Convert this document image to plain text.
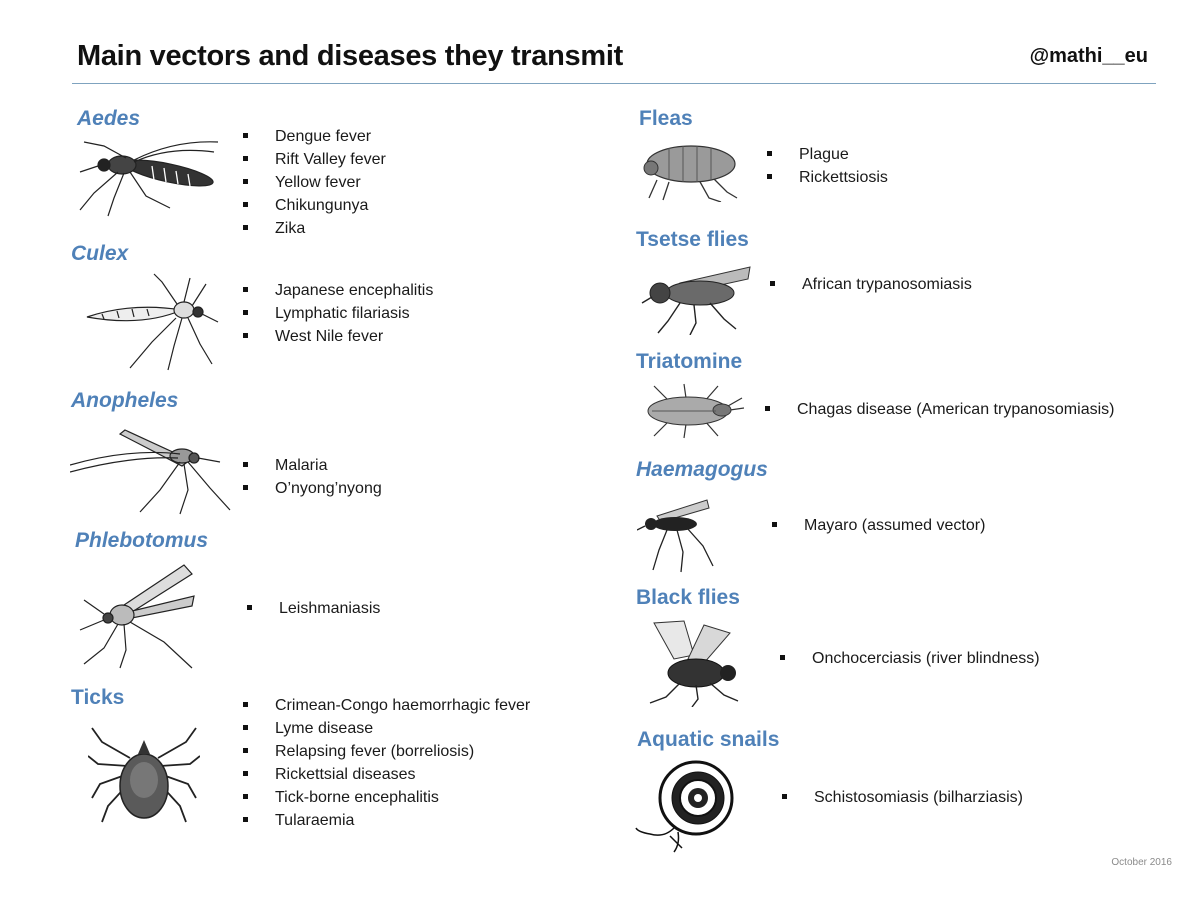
Main vectors and diseases they transmit	@mathi__eu
October 2016
Aedes
Dengue fever
Rift Valley fever
Yellow fever
Chikungunya
Zika
Culex
Japanese encephalitis
Lymphatic filariasis
West Nile fever
Anopheles
Malaria
O’nyong’nyong
Phlebotomus
Leishmaniasis
Ticks	Crimean-Congo haemorrhagic fever
Lyme disease
Relapsing fever (borreliosis)
Rickettsial diseases
Tick-borne encephalitis
Tularaemia
Fleas
Plague
Rickettsiosis
Tsetse flies
African trypanosomiasis
Triatomine
Chagas disease (American trypanosomiasis)
Haemagogus
Mayaro (assumed vector)
Black flies
Onchocerciasis (river blindness)
Aquatic snails
Schistosomiasis (bilharziasis)
